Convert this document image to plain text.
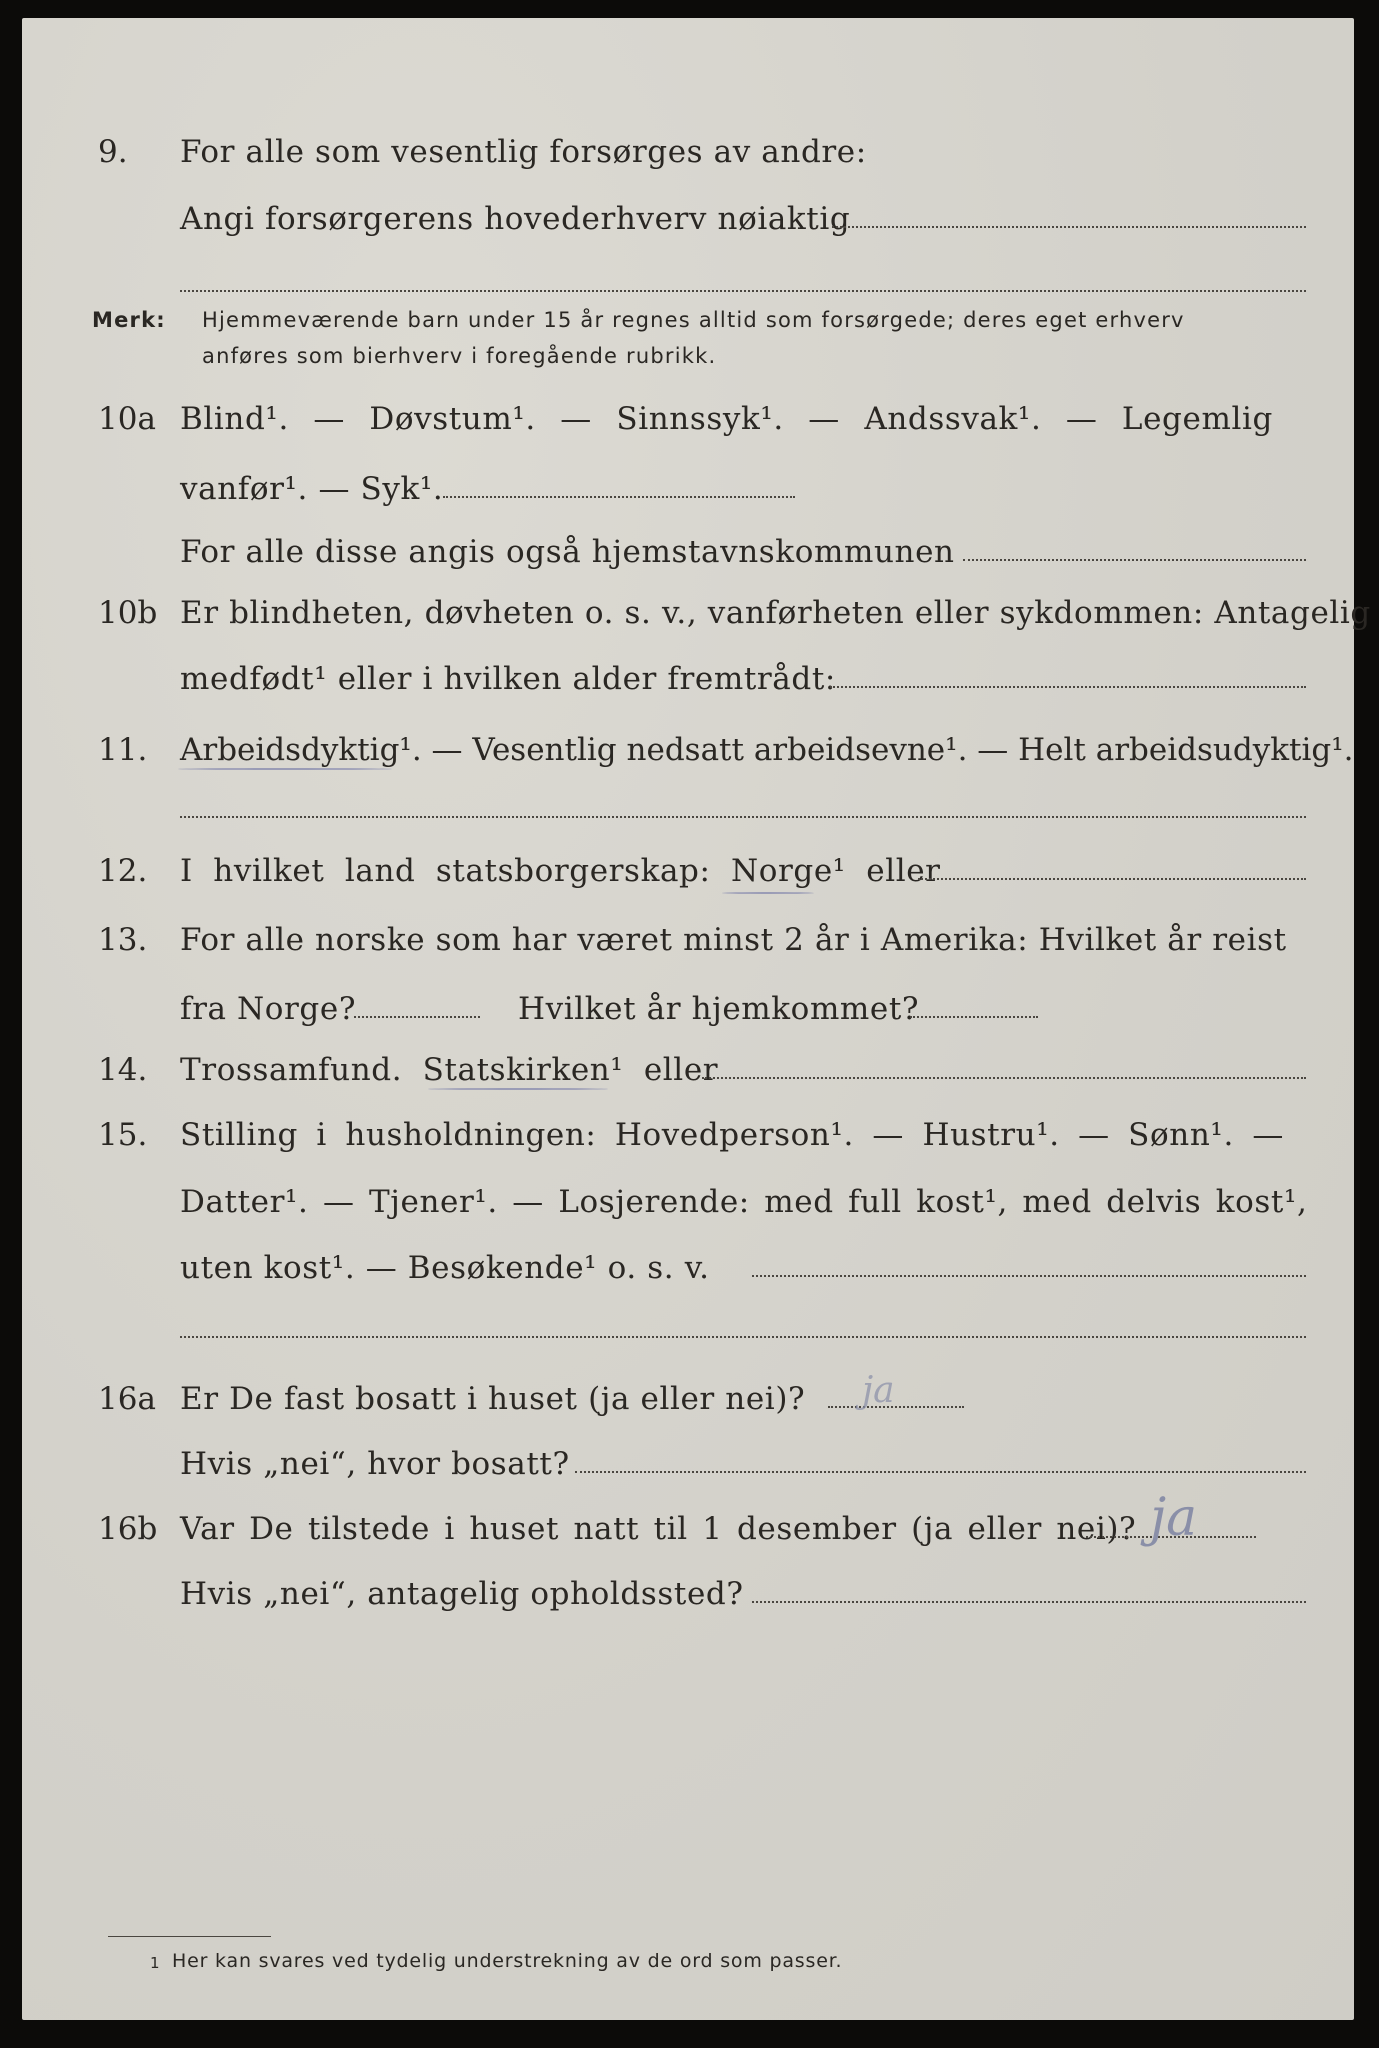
9. For alle som vesentlig forsørges av andre:
Angi forsørgerens hovederhverv nøiaktig
Merk: Hjemmeværende barn under 15 år regnes alltid som forsørgede; deres eget erhverv
anføres som bierhverv i foregående rubrikk.
10a Blind¹. — Døvstum¹. — Sinnssyk¹. — Andssvak¹. — Legemlig
vanfør¹. — Syk¹.
For alle disse angis også hjemstavnskommunen
10b Er blindheten, døvheten o. s. v., vanførheten eller sykdommen: Antagelig
medfødt¹ eller i hvilken alder fremtrådt:
11. Arbeidsdyktig¹. — Vesentlig nedsatt arbeidsevne¹. — Helt arbeidsudyktig¹.
12. I hvilket land statsborgerskap: Norge¹ eller
13. For alle norske som har været minst 2 år i Amerika: Hvilket år reist
fra Norge?	Hvilket år hjemkommet?
14. Trossamfund. Statskirken¹ eller
15. Stilling i husholdningen: Hovedperson¹. — Hustru¹. — Sønn¹. —
Datter¹. — Tjener¹. — Losjerende: med full kost¹, med delvis kost¹,
uten kost¹. — Besøkende¹ o. s. v.
16a Er De fast bosatt i huset (ja eller nei)? ja
Hvis „nei“, hvor bosatt?
16b Var De tilstede i huset natt til 1 desember (ja eller nei)? ja
Hvis „nei“, antagelig opholdssted?
1 Her kan svares ved tydelig understrekning av de ord som passer.
